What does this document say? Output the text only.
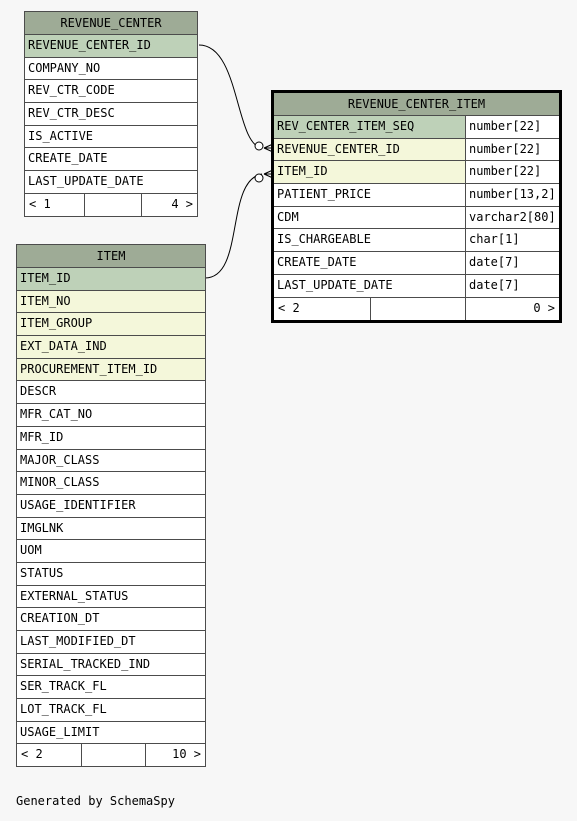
REVENUE_CENTER
REVENUE_CENTER_ID
COMPANY_NO
REV_CTR_CODE
REV_CTR_DESC
IS_ACTIVE
CREATE_DATE
LAST_UPDATE_DATE
< 1	4 >
REVENUE_CENTER_ITEM
REV_CENTER_ITEM_SEQ	number[22]
REVENUE_CENTER_ID	number[22]
ITEM_ID	number[22]
PATIENT_PRICE	number[13,2]
CDM	varchar2[80]
IS_CHARGEABLE	char[1]
CREATE_DATE	date[7]
LAST_UPDATE_DATE	date[7]
< 2	0 >
ITEM
ITEM_ID
ITEM_NO
ITEM_GROUP
EXT_DATA_IND
PROCUREMENT_ITEM_ID
DESCR
MFR_CAT_NO
MFR_ID
MAJOR_CLASS
MINOR_CLASS
USAGE_IDENTIFIER
IMGLNK
UOM
STATUS
EXTERNAL_STATUS
CREATION_DT
LAST_MODIFIED_DT
SERIAL_TRACKED_IND
SER_TRACK_FL
LOT_TRACK_FL
USAGE_LIMIT
< 2	10 >
Generated by SchemaSpy
